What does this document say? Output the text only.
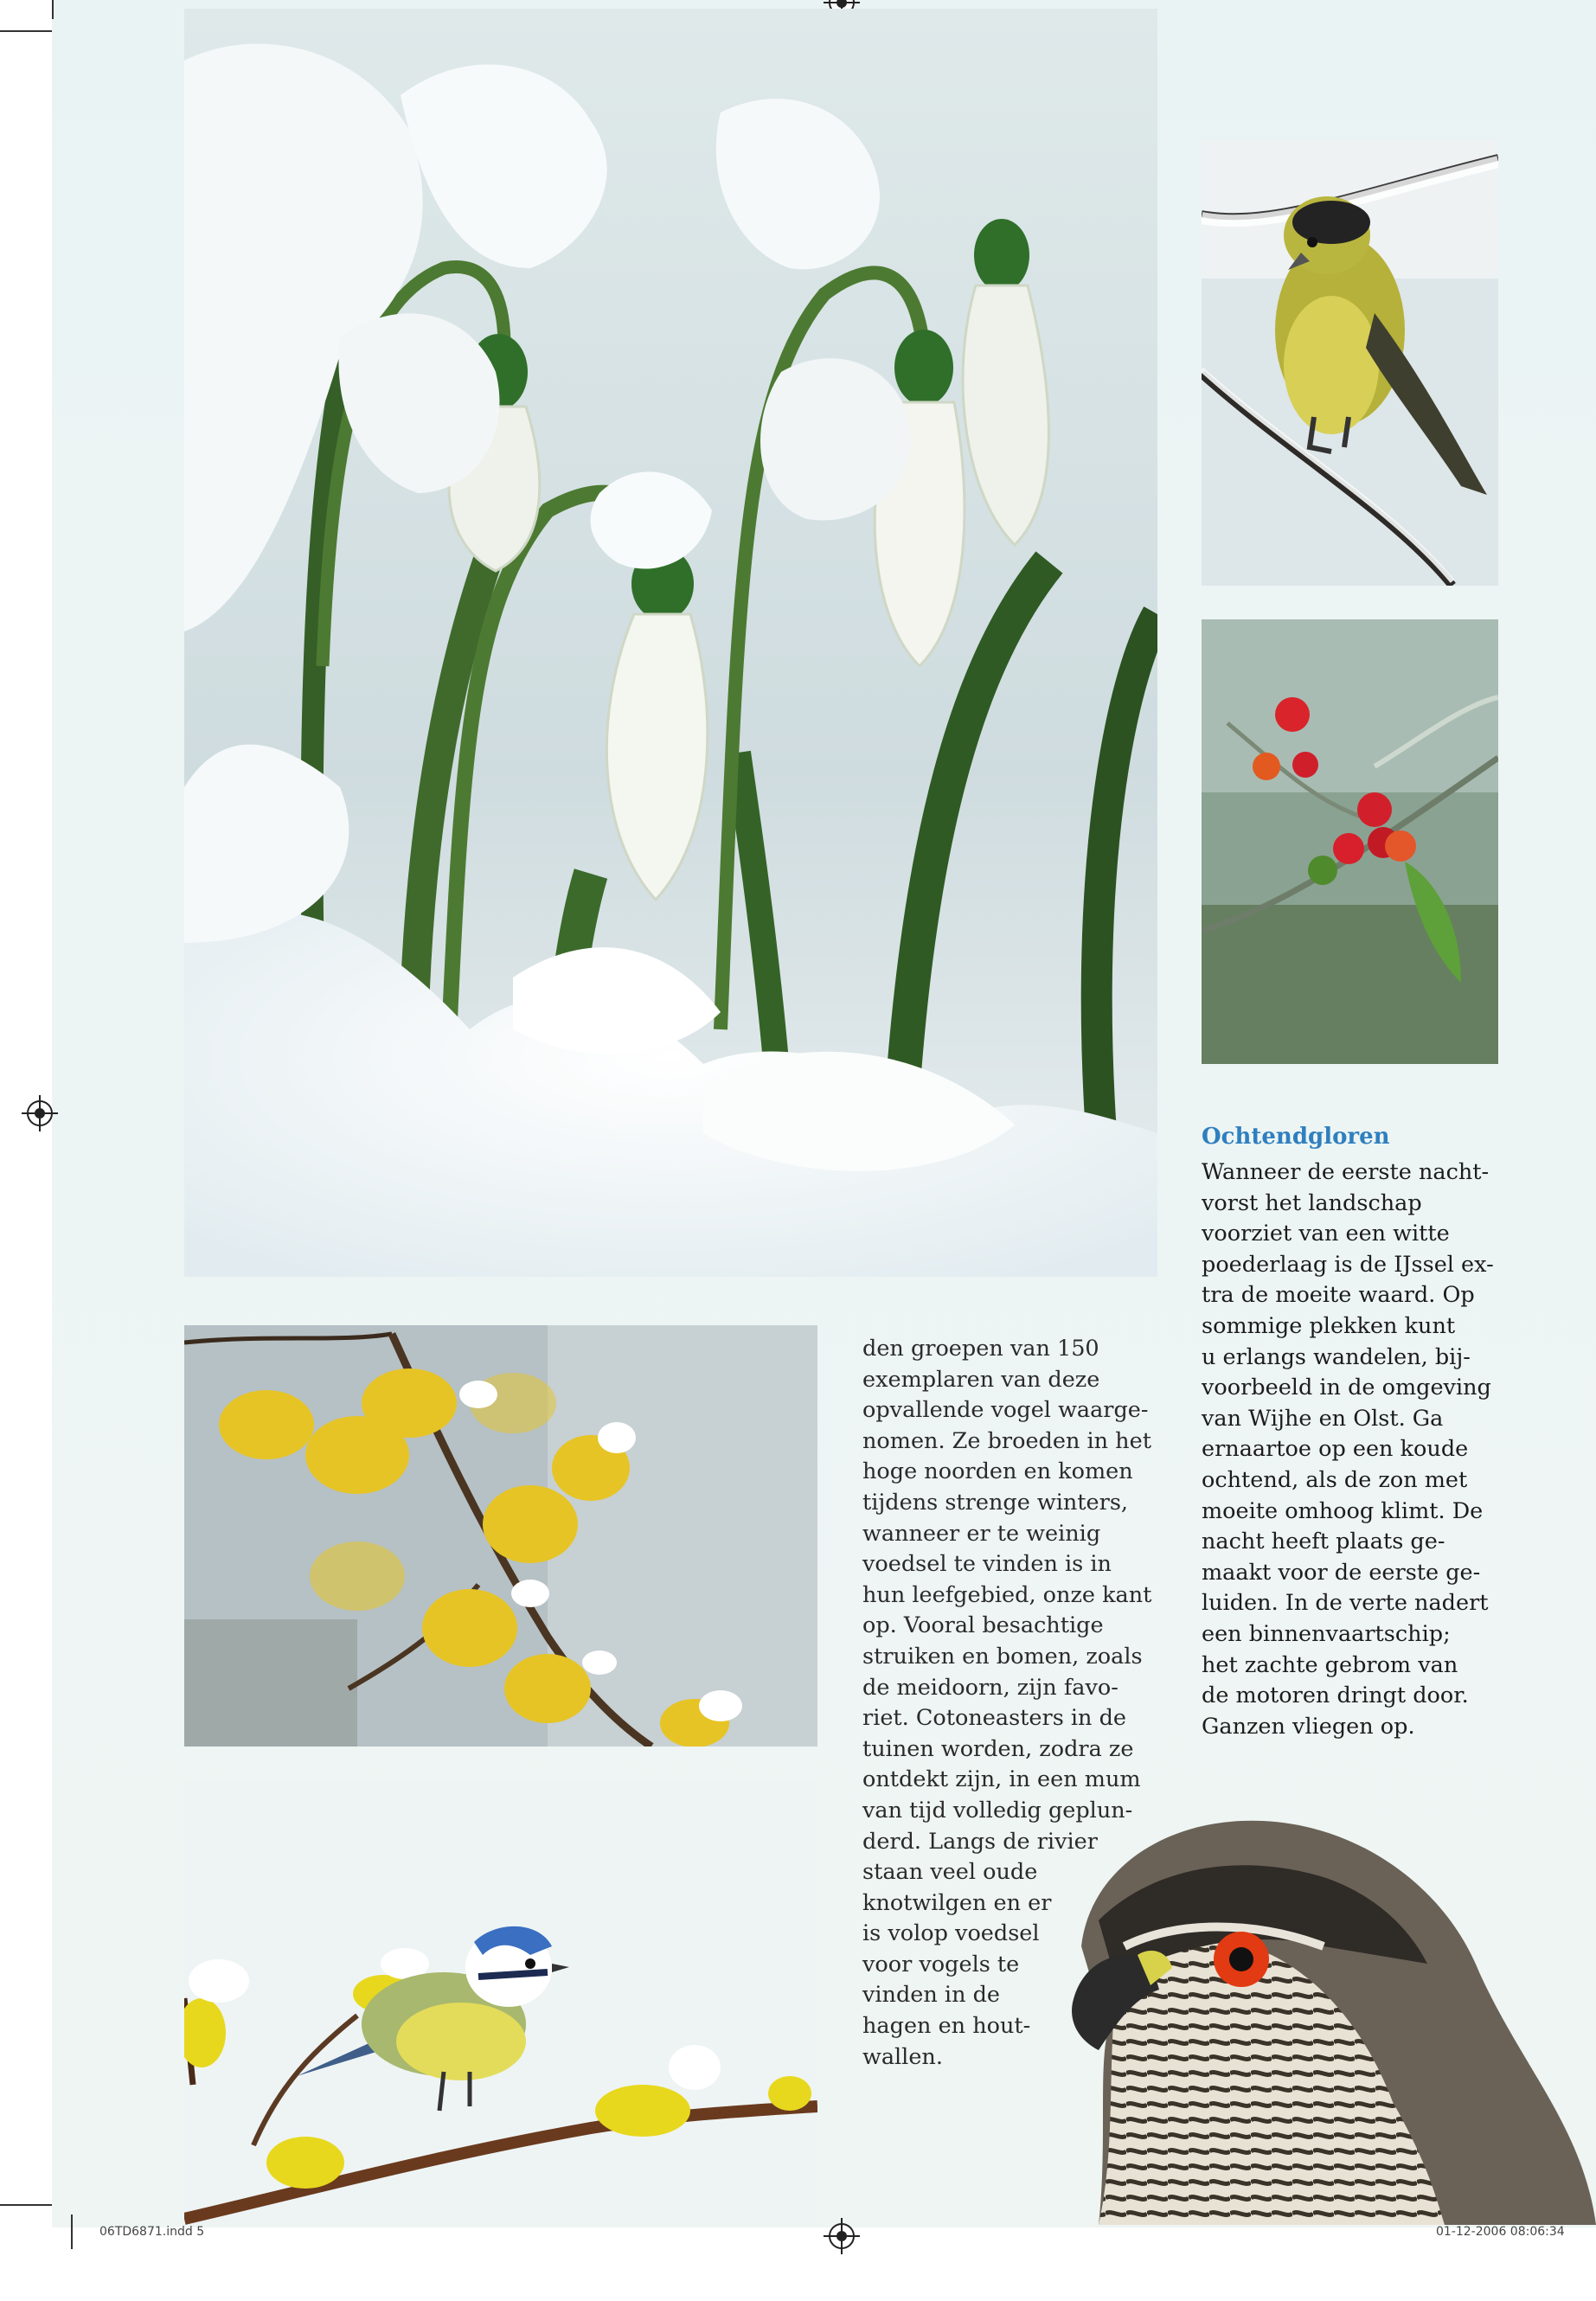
den groepen van 150
exemplaren van deze
opvallende vogel waarge-
nomen. Ze broeden in het
hoge noorden en komen
tijdens strenge winters,
wanneer er te weinig
voedsel te vinden is in
hun leefgebied, onze kant
op. Vooral besachtige
struiken en bomen, zoals
de meidoorn, zijn favo-
riet. Cotoneasters in de
tuinen worden, zodra ze
ontdekt zijn, in een mum
van tijd volledig geplun-
derd. Langs de rivier
staan veel oude
knotwilgen en er
is volop voedsel
voor vogels te
vinden in de
hagen en hout-
wallen.
Ochtendgloren
Wanneer de eerste nacht-
vorst het landschap
voorziet van een witte
poederlaag is de IJssel ex-
tra de moeite waard. Op
sommige plekken kunt
u erlangs wandelen, bij-
voorbeeld in de omgeving
van Wijhe en Olst. Ga
ernaartoe op een koude
ochtend, als de zon met
moeite omhoog klimt. De
nacht heeft plaats ge-
maakt voor de eerste ge-
luiden. In de verte nadert
een binnenvaartschip;
het zachte gebrom van
de motoren dringt door.
Ganzen vliegen op.
06TD6871.indd 5	01-12-2006 08:06:34
